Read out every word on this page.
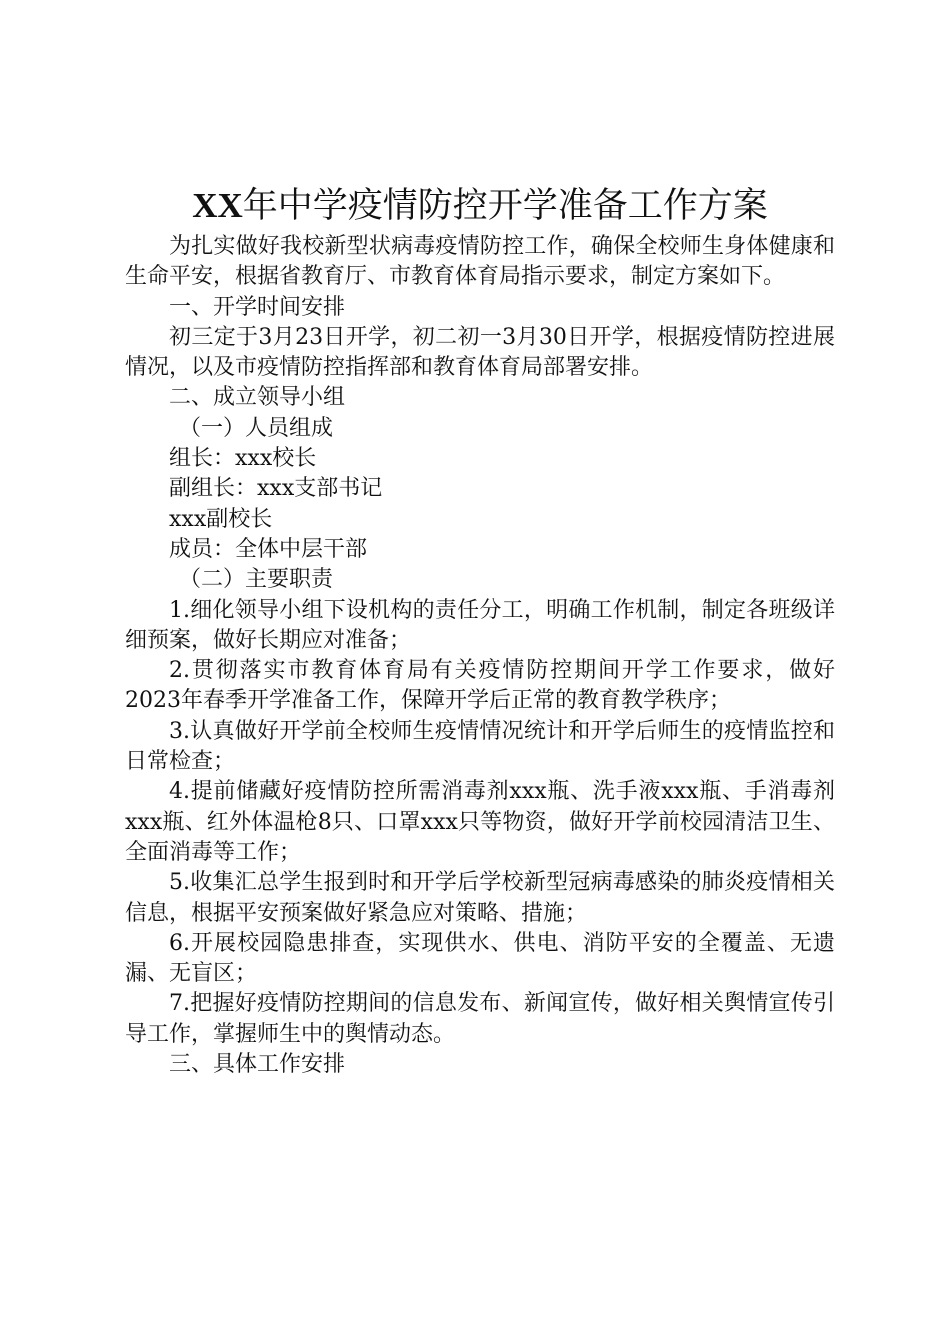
XX年中学疫情防控开学准备工作方案

为扎实做好我校新型状病毒疫情防控工作，确保全校师生身体健康和生命平安，根据省教育厅、市教育体育局指示要求，制定方案如下。

一、开学时间安排

初三定于3月23日开学，初二初一3月30日开学，根据疫情防控进展情况，以及市疫情防控指挥部和教育体育局部署安排。

二、成立领导小组

（一）人员组成

组长：xxx校长

副组长：xxx支部书记

xxx副校长

成员：全体中层干部

（二）主要职责

1.细化领导小组下设机构的责任分工，明确工作机制，制定各班级详细预案，做好长期应对准备；

2.贯彻落实市教育体育局有关疫情防控期间开学工作要求，做好2023年春季开学准备工作，保障开学后正常的教育教学秩序；

3.认真做好开学前全校师生疫情情况统计和开学后师生的疫情监控和日常检查；

4.提前储藏好疫情防控所需消毒剂xxx瓶、洗手液xxx瓶、手消毒剂xxx瓶、红外体温枪8只、口罩xxx只等物资，做好开学前校园清洁卫生、全面消毒等工作；

5.收集汇总学生报到时和开学后学校新型冠病毒感染的肺炎疫情相关信息，根据平安预案做好紧急应对策略、措施；

6.开展校园隐患排查，实现供水、供电、消防平安的全覆盖、无遗漏、无盲区；

7.把握好疫情防控期间的信息发布、新闻宣传，做好相关舆情宣传引导工作，掌握师生中的舆情动态。

三、具体工作安排
